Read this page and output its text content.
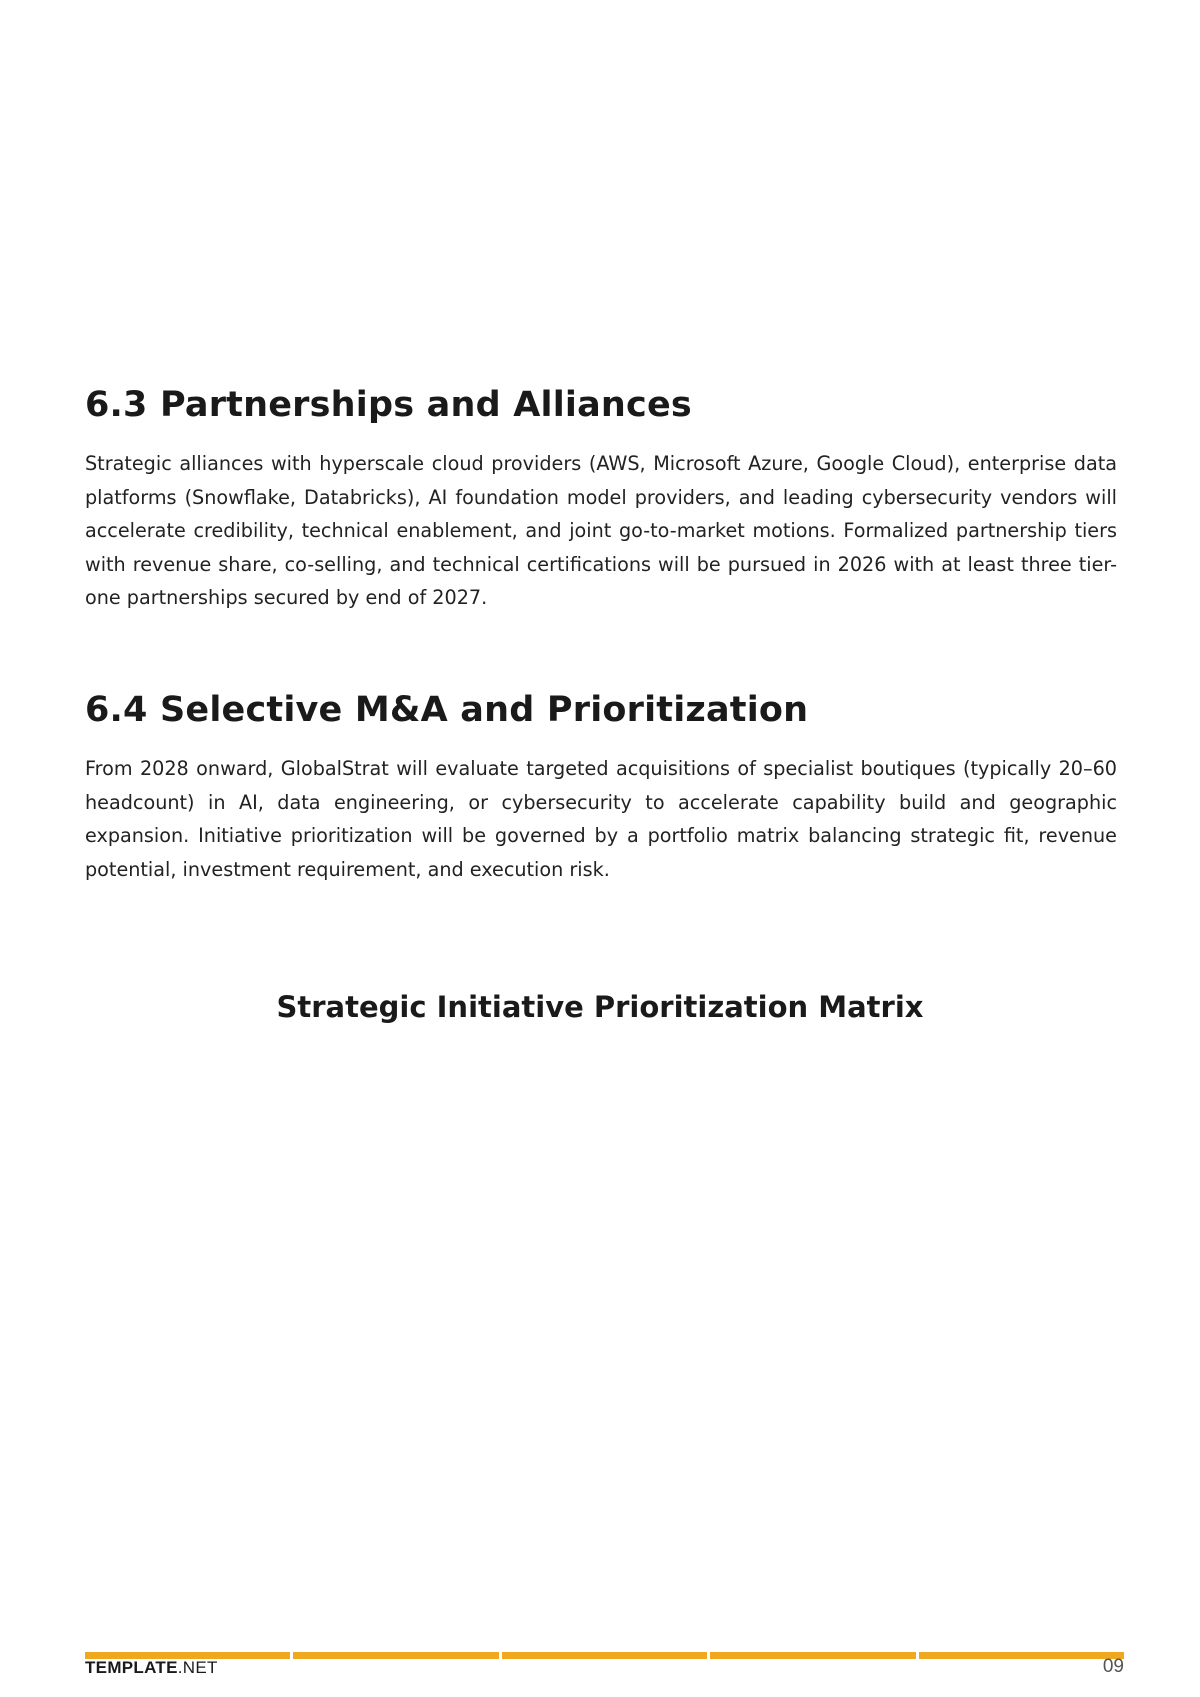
6.3 Partnerships and Alliances

Strategic alliances with hyperscale cloud providers (AWS, Microsoft Azure, Google Cloud), enterprise data platforms (Snowflake, Databricks), AI foundation model providers, and leading cybersecurity vendors will accelerate credibility, technical enablement, and joint go-to-market motions. Formalized partnership tiers with revenue share, co-selling, and technical certifications will be pursued in 2026 with at least three tier-one partnerships secured by end of 2027.

6.4 Selective M&A and Prioritization

From 2028 onward, GlobalStrat will evaluate targeted acquisitions of specialist boutiques (typically 20–60 headcount) in AI, data engineering, or cybersecurity to accelerate capability build and geographic expansion. Initiative prioritization will be governed by a portfolio matrix balancing strategic fit, revenue potential, investment requirement, and execution risk.

Strategic Initiative Prioritization Matrix
TEMPLATE.NET	09
